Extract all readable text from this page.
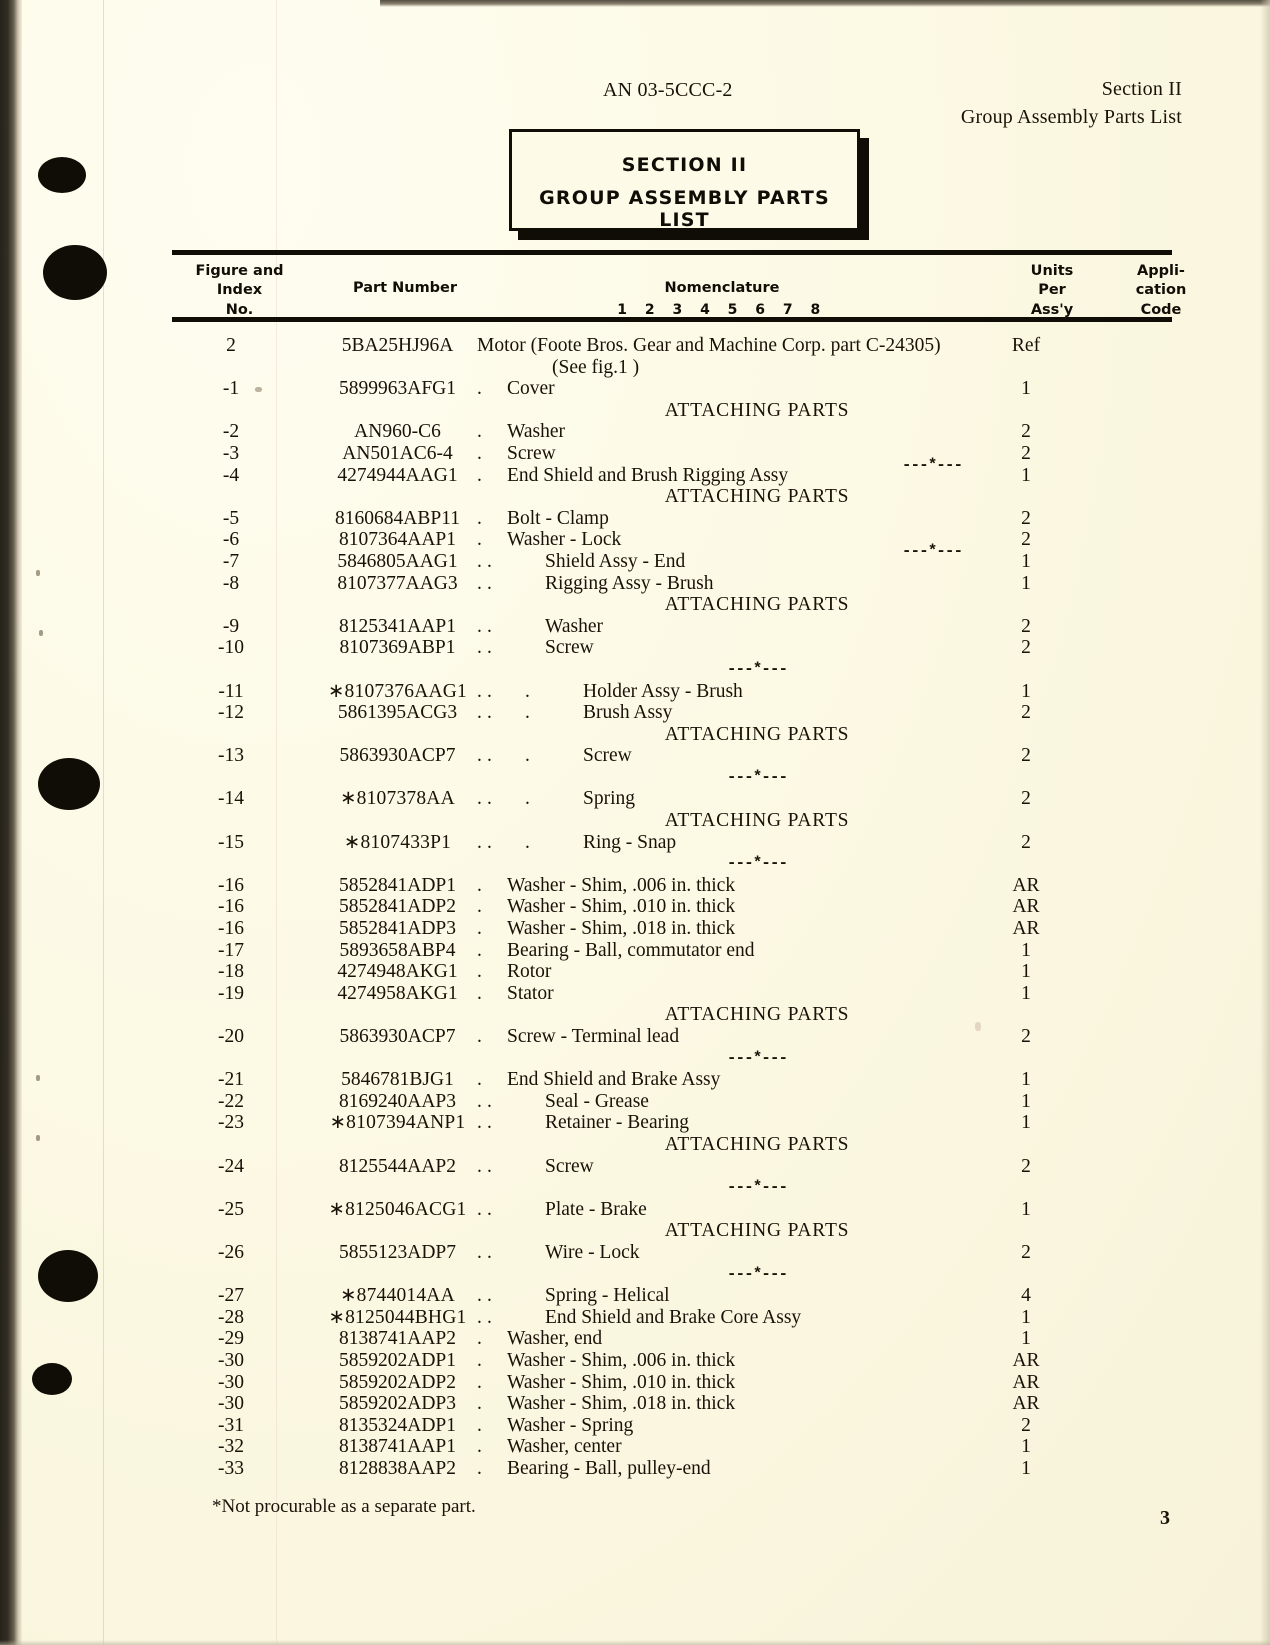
AN 03-5CCC-2	Section II
Group Assembly Parts List
SECTION II
GROUP ASSEMBLY PARTS LIST
Figure and
Index
No.
Part Number	Nomenclature
1 2 3 4 5 6 7 8
Units
Per
Ass'y
Appli-
cation
Code
2	5BA25HJ96A	Motor (Foote Bros. Gear and Machine Corp. part C-24305)	Ref
(See fig.1 )
-1	5899963AFG1	. Cover	1
ATTACHING PARTS
-2	AN960-C6	. Washer	2
-3	AN501AC6-4	. Screw	2
---*---
-4	4274944AAG1 . End Shield and Brush Rigging Assy	1
ATTACHING PARTS
-5	8160684ABP11 . Bolt - Clamp	2
-6	8107364AAP1	. Washer - Lock	2
---*---
-7	5846805AAG1 . .	Shield Assy - End	1
-8	8107377AAG3 . .	Rigging Assy - Brush	1
ATTACHING PARTS
-9	8125341AAP1	. .	Washer	2
-10	8107369ABP1	. .	Screw	2
---*---
-11	∗8107376AAG1 . . .	Holder Assy - Brush	1
-12	5861395ACG3	. . .	Brush Assy	2
ATTACHING PARTS
-13	5863930ACP7	. . .	Screw	2
---*---
-14	∗8107378AA	. . .	Spring	2
ATTACHING PARTS
-15	∗8107433P1	. . .	Ring - Snap	2
---*---
-16	5852841ADP1	. Washer - Shim, .006 in. thick	AR
-16	5852841ADP2	. Washer - Shim, .010 in. thick	AR
-16	5852841ADP3	. Washer - Shim, .018 in. thick	AR
-17	5893658ABP4	. Bearing - Ball, commutator end	1
-18	4274948AKG1 . Rotor	1
-19	4274958AKG1 . Stator	1
ATTACHING PARTS
-20	5863930ACP7	. Screw - Terminal lead	2
---*---
-21	5846781BJG1	. End Shield and Brake Assy	1
-22	8169240AAP3	. .	Seal - Grease	1
-23	∗8107394ANP1 . .	Retainer - Bearing	1
ATTACHING PARTS
-24	8125544AAP2	. .	Screw	2
---*---
-25	∗8125046ACG1 . .	Plate - Brake	1
ATTACHING PARTS
-26	5855123ADP7	. .	Wire - Lock	2
---*---
-27	∗8744014AA	. .	Spring - Helical	4
-28	∗8125044BHG1 . .	End Shield and Brake Core Assy	1
-29	8138741AAP2	. Washer, end	1
-30	5859202ADP1	. Washer - Shim, .006 in. thick	AR
-30	5859202ADP2	. Washer - Shim, .010 in. thick	AR
-30	5859202ADP3	. Washer - Shim, .018 in. thick	AR
-31	8135324ADP1	. Washer - Spring	2
-32	8138741AAP1	. Washer, center	1
-33	8128838AAP2	. Bearing - Ball, pulley-end	1
*Not procurable as a separate part.
3
